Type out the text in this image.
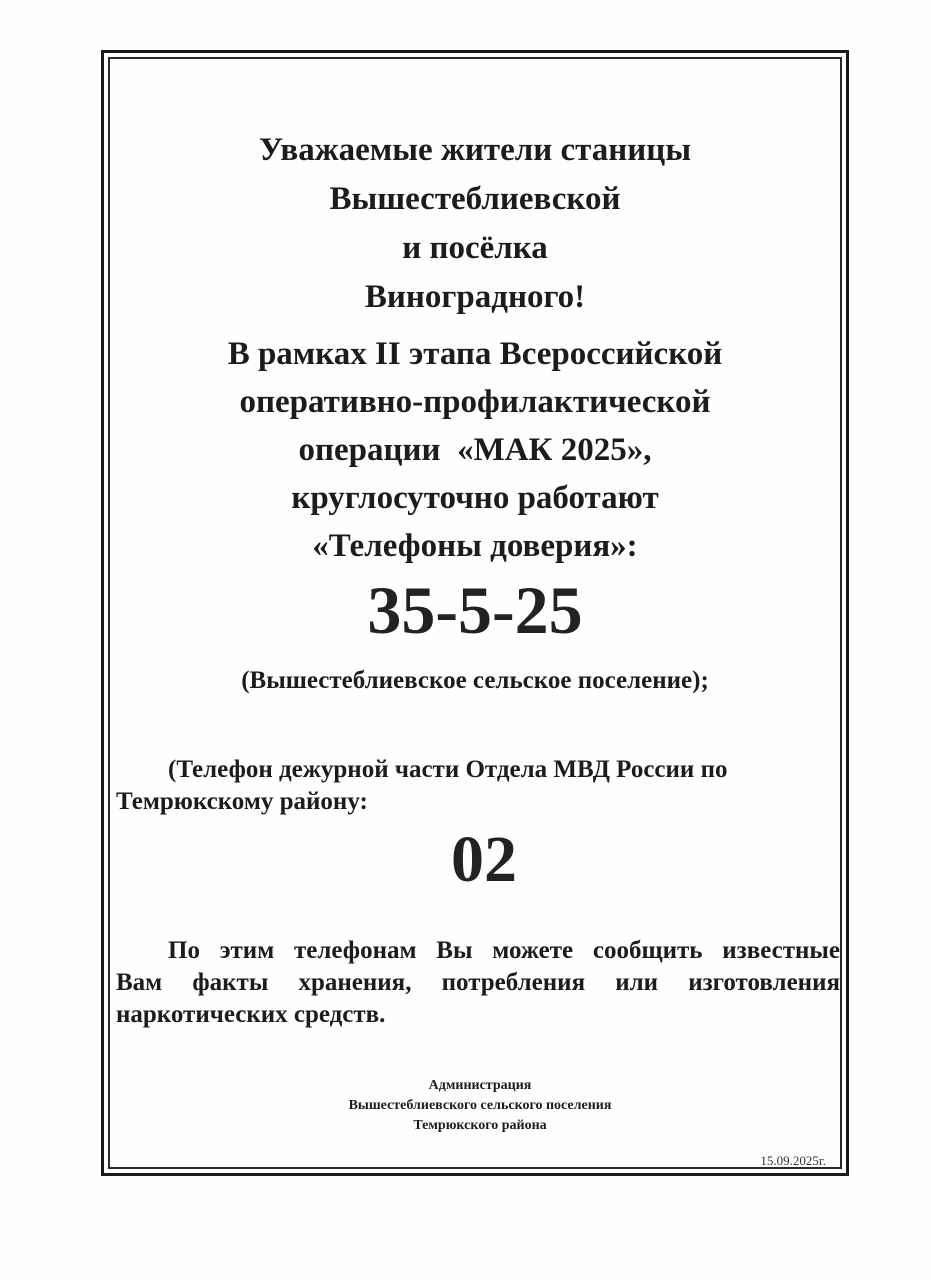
Уважаемые жители станицы
Вышестеблиевской
и посёлка
Виноградного!
В рамках II этапа Всероссийской
оперативно-профилактической
операции  «МАК 2025»,
круглосуточно работают
«Телефоны доверия»:
35-5-25
(Вышестеблиевское сельское поселение);
(Телефон дежурной части Отдела МВД России по
Темрюкскому району:
02
По этим телефонам Вы можете сообщить известные
Вам факты хранения, потребления или изготовления
наркотических средств.
Администрация
Вышестеблиевского сельского поселения
Темрюкского района
15.09.2025г.
